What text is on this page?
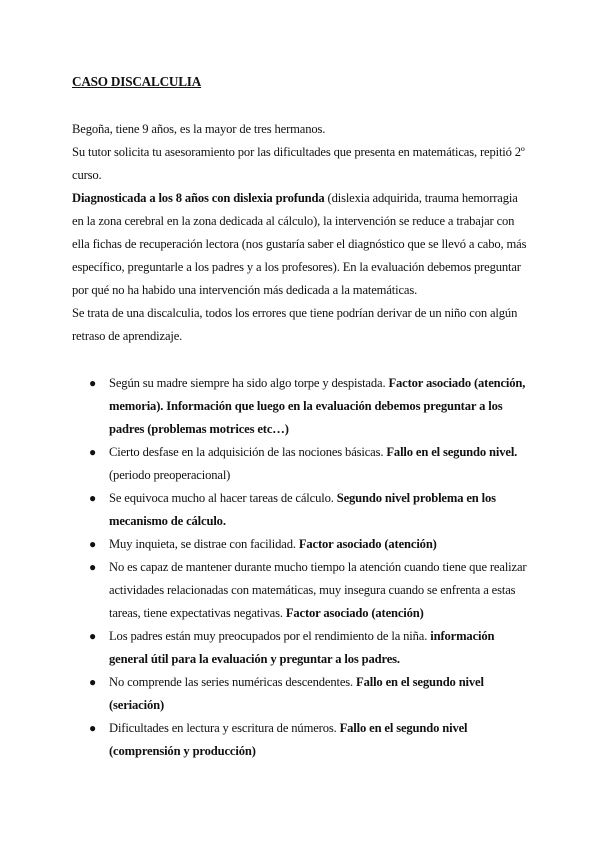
CASO DISCALCULIA

Begoña, tiene 9 años, es la mayor de tres hermanos.

Su tutor solicita tu asesoramiento por las dificultades que presenta en matemáticas, repitió 2º curso.

Diagnosticada a los 8 años con dislexia profunda (dislexia adquirida, trauma hemorragia en la zona cerebral en la zona dedicada al cálculo), la intervención se reduce a trabajar con ella fichas de recuperación lectora (nos gustaría saber el diagnóstico que se llevó a cabo, más específico, preguntarle a los padres y a los profesores). En la evaluación debemos preguntar por qué no ha habido una intervención más dedicada a la matemáticas.

Se trata de una discalculia, todos los errores que tiene podrían derivar de un niño con algún retraso de aprendizaje.

● Según su madre siempre ha sido algo torpe y despistada. Factor asociado (atención, memoria). Información que luego en la evaluación debemos preguntar a los padres (problemas motrices etc…)
● Cierto desfase en la adquisición de las nociones básicas. Fallo en el segundo nivel. (periodo preoperacional)
● Se equivoca mucho al hacer tareas de cálculo. Segundo nivel problema en los mecanismo de cálculo.
● Muy inquieta, se distrae con facilidad. Factor asociado (atención)
● No es capaz de mantener durante mucho tiempo la atención cuando tiene que realizar actividades relacionadas con matemáticas, muy insegura cuando se enfrenta a estas tareas, tiene expectativas negativas. Factor asociado (atención)
● Los padres están muy preocupados por el rendimiento de la niña. información general útil para la evaluación y preguntar a los padres.
● No comprende las series numéricas descendentes. Fallo en el segundo nivel (seriación)
● Dificultades en lectura y escritura de números. Fallo en el segundo nivel (comprensión y producción)
